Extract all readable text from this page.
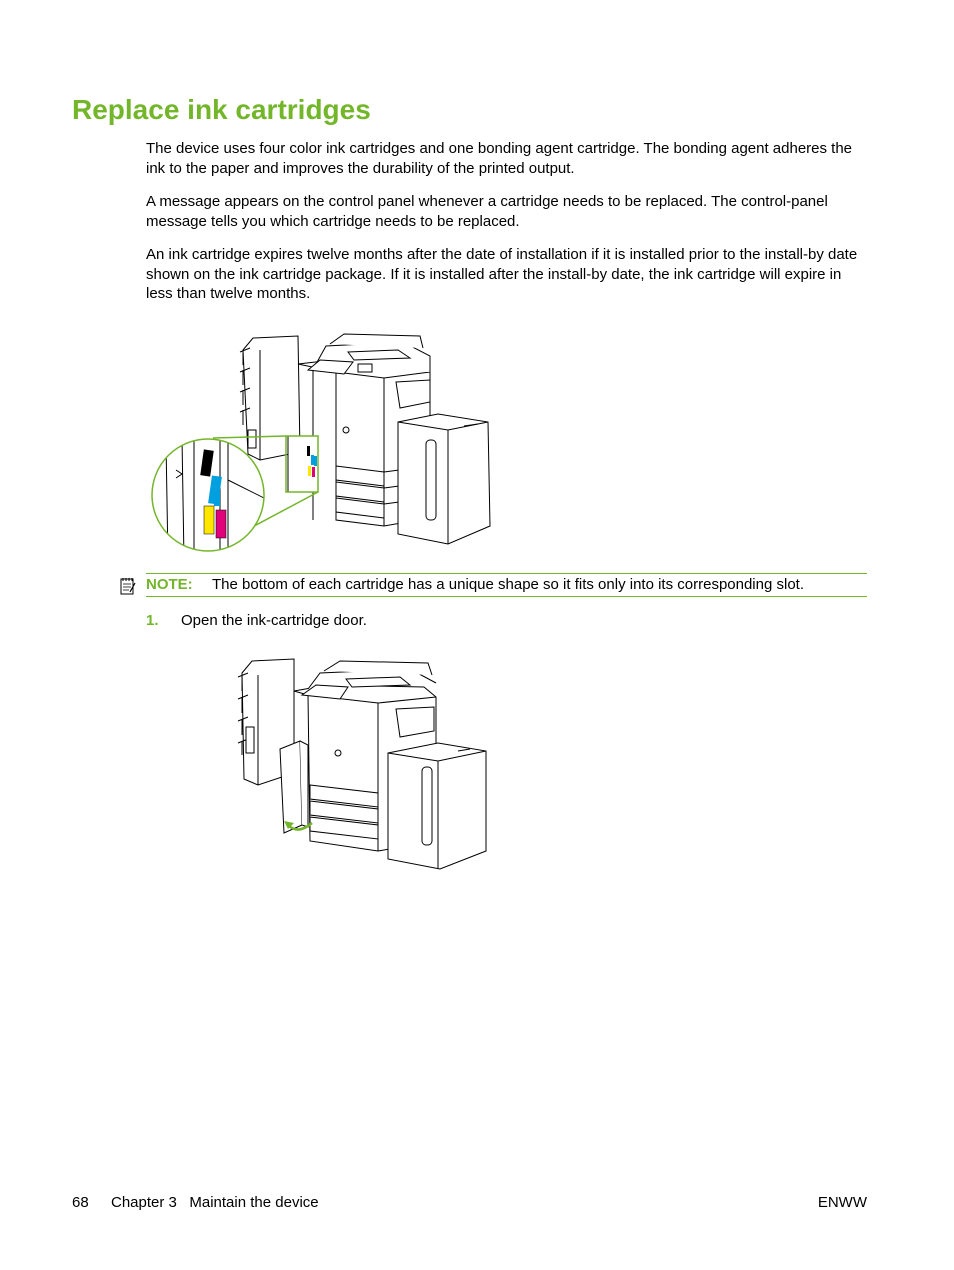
Replace ink cartridges

The device uses four color ink cartridges and one bonding agent cartridge. The bonding agent adheres the ink to the paper and improves the durability of the printed output.

A message appears on the control panel whenever a cartridge needs to be replaced. The control-panel message tells you which cartridge needs to be replaced.

An ink cartridge expires twelve months after the date of installation if it is installed prior to the install-by date shown on the ink cartridge package. If it is installed after the install-by date, the ink cartridge will expire in less than twelve months.

NOTE: The bottom of each cartridge has a unique shape so it fits only into its corresponding slot.
1. Open the ink-cartridge door.
68 Chapter 3   Maintain the device	ENWW
